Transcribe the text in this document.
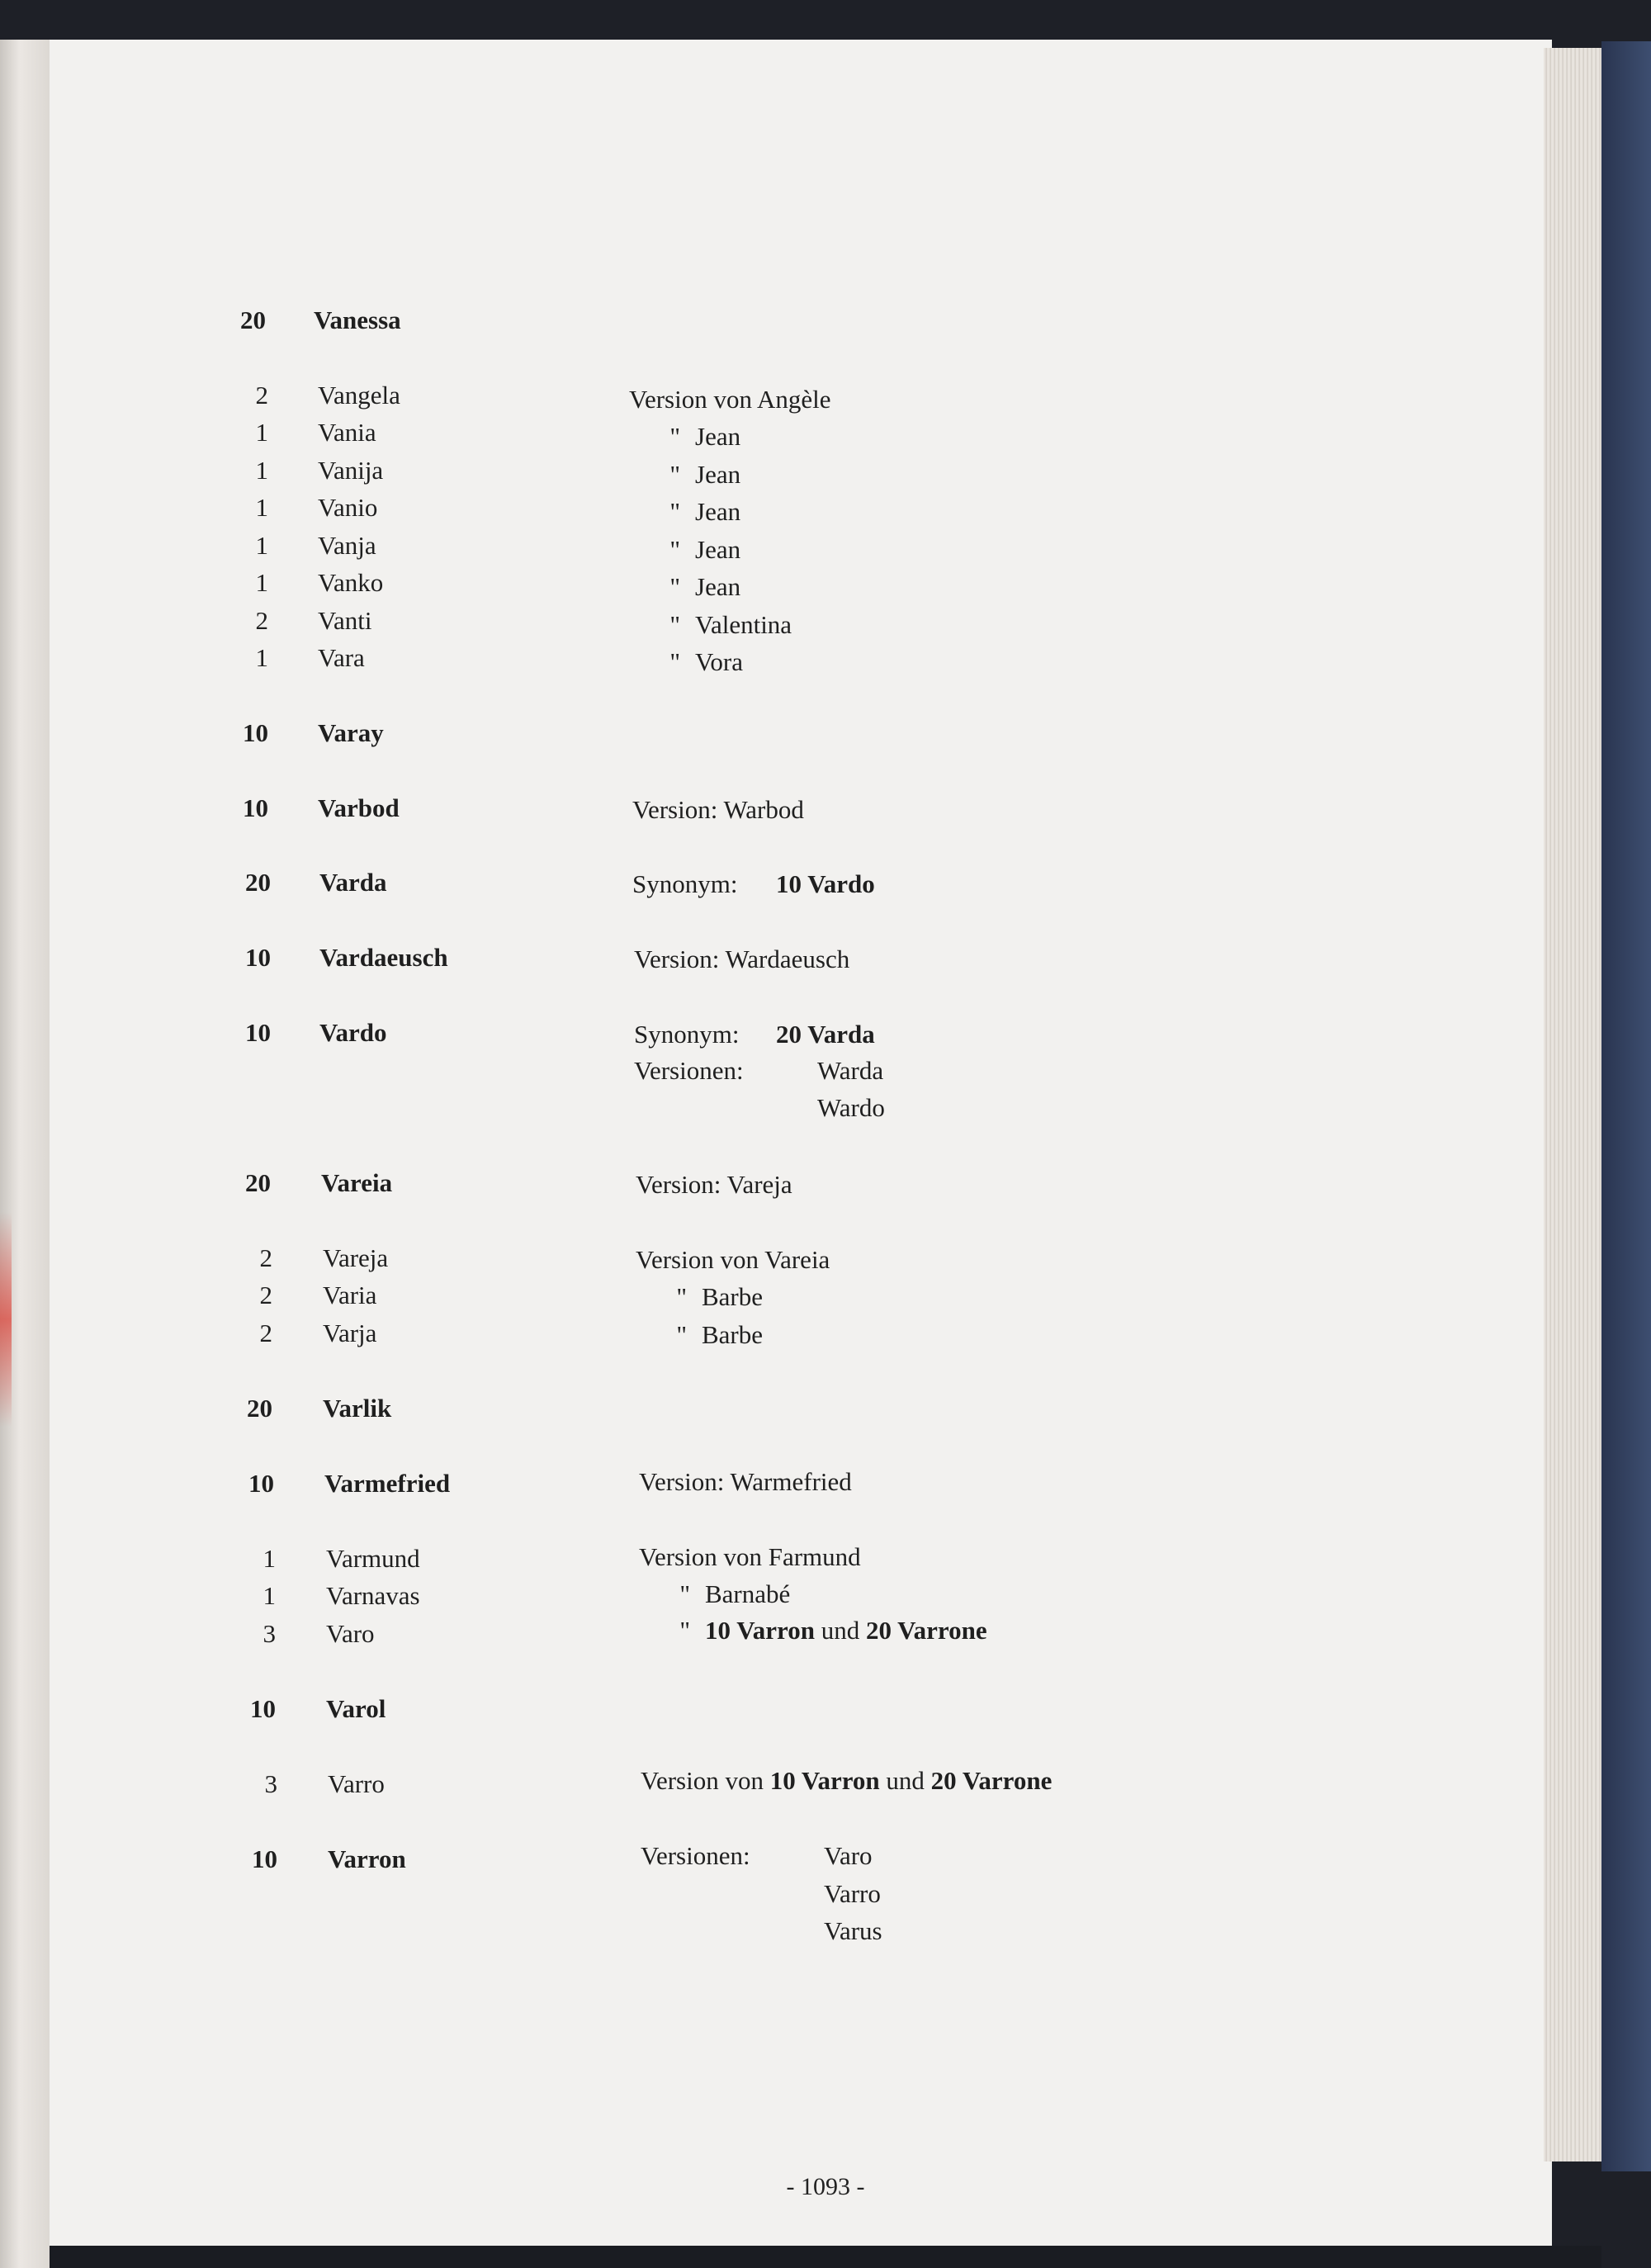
20 Vanessa
2 Vangela	Version von Angèle
1 Vania	" Jean
1 Vanija	" Jean
1 Vanio	" Jean
1 Vanja	" Jean
1 Vanko	" Jean
2 Vanti	" Valentina
1 Vara	" Vora
10 Varay
10 Varbod	Version: Warbod
20 Varda	Synonym: 10 Vardo
10 Vardaeusch	Version: Wardaeusch
10 Vardo	Synonym: 20 Varda
Versionen:	Warda
Wardo
20 Vareia	Version: Vareja
2 Vareja	Version von Vareia
2 Varia	" Barbe
2 Varja	" Barbe
20 Varlik
10 Varmefried	Version: Warmefried
1 Varmund	Version von Farmund
1 Varnavas	" Barnabé
3 Varo	" 10 Varron und 20 Varrone
10 Varol
3 Varro	Version von 10 Varron und 20 Varrone
10 Varron	Versionen:	Varo
Varro
Varus
- 1093 -
